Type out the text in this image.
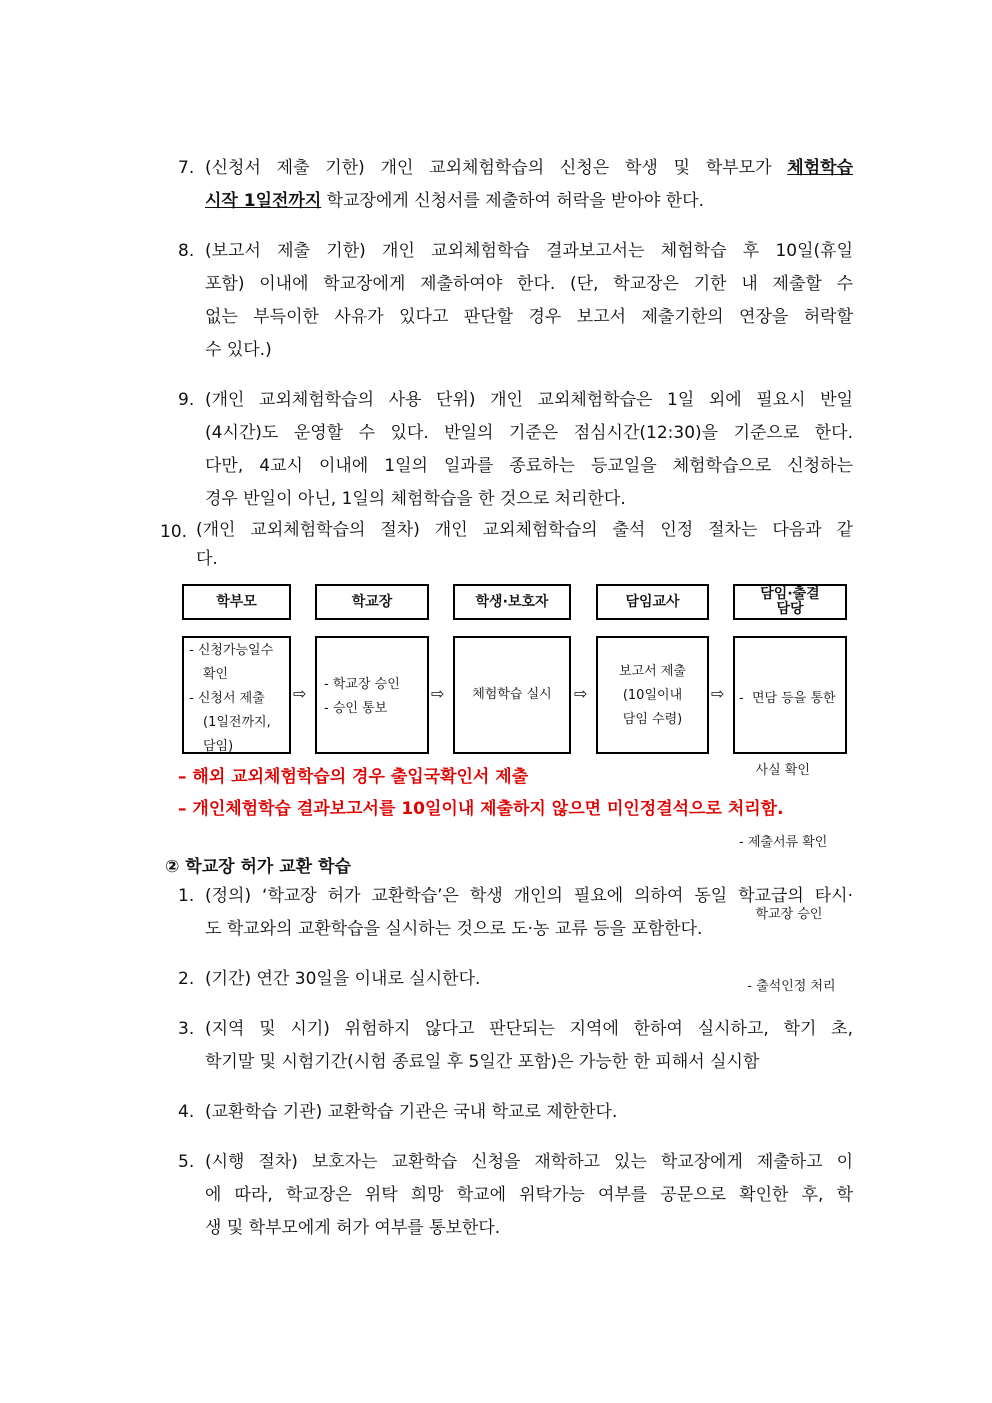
7. (신청서 제출 기한) 개인 교외체험학습의 신청은 학생 및 학부모가 체험학습
시작 1일전까지 학교장에게 신청서를 제출하여 허락을 받아야 한다.
8. (보고서 제출 기한) 개인 교외체험학습 결과보고서는 체험학습 후 10일(휴일
포함) 이내에 학교장에게 제출하여야 한다. (단, 학교장은 기한 내 제출할 수
없는 부득이한 사유가 있다고 판단할 경우 보고서 제출기한의 연장을 허락할
수 있다.)
9. (개인 교외체험학습의 사용 단위) 개인 교외체험학습은 1일 외에 필요시 반일
(4시간)도 운영할 수 있다. 반일의 기준은 점심시간(12:30)을 기준으로 한다.
다만, 4교시 이내에 1일의 일과를 종료하는 등교일을 체험학습으로 신청하는
경우 반일이 아닌, 1일의 체험학습을 한 것으로 처리한다.
10. (개인 교외체험학습의 절차) 개인 교외체험학습의 출석 인정 절차는 다음과 같
다.
학부모	학교장	학생·보호자	담임교사	담임·출결
담당
- 신청가능일수
확인
- 신청서 제출
(1일전까지,
담임)
- 학교장 승인
- 승인 통보
체험학습 실시
보고서 제출
(10일이내
담임 수령)

-  면담 등을 통한

사실 확인

- 제출서류 확인

학교장 승인

- 출석인정 처리

⇨	⇨	⇨	⇨
– 해외 교외체험학습의 경우 출입국확인서 제출
– 개인체험학습 결과보고서를 10일이내 제출하지 않으면 미인정결석으로 처리함.
② 학교장 허가 교환 학습
1. (정의) ‘학교장 허가 교환학습’은 학생 개인의 필요에 의하여 동일 학교급의 타시·
도 학교와의 교환학습을 실시하는 것으로 도·농 교류 등을 포함한다.
2. (기간) 연간 30일을 이내로 실시한다.
3. (지역 및 시기) 위험하지 않다고 판단되는 지역에 한하여 실시하고, 학기 초,
학기말 및 시험기간(시험 종료일 후 5일간 포함)은 가능한 한 피해서 실시함
4. (교환학습 기관) 교환학습 기관은 국내 학교로 제한한다.
5. (시행 절차) 보호자는 교환학습 신청을 재학하고 있는 학교장에게 제출하고 이
에 따라, 학교장은 위탁 희망 학교에 위탁가능 여부를 공문으로 확인한 후, 학
생 및 학부모에게 허가 여부를 통보한다.
